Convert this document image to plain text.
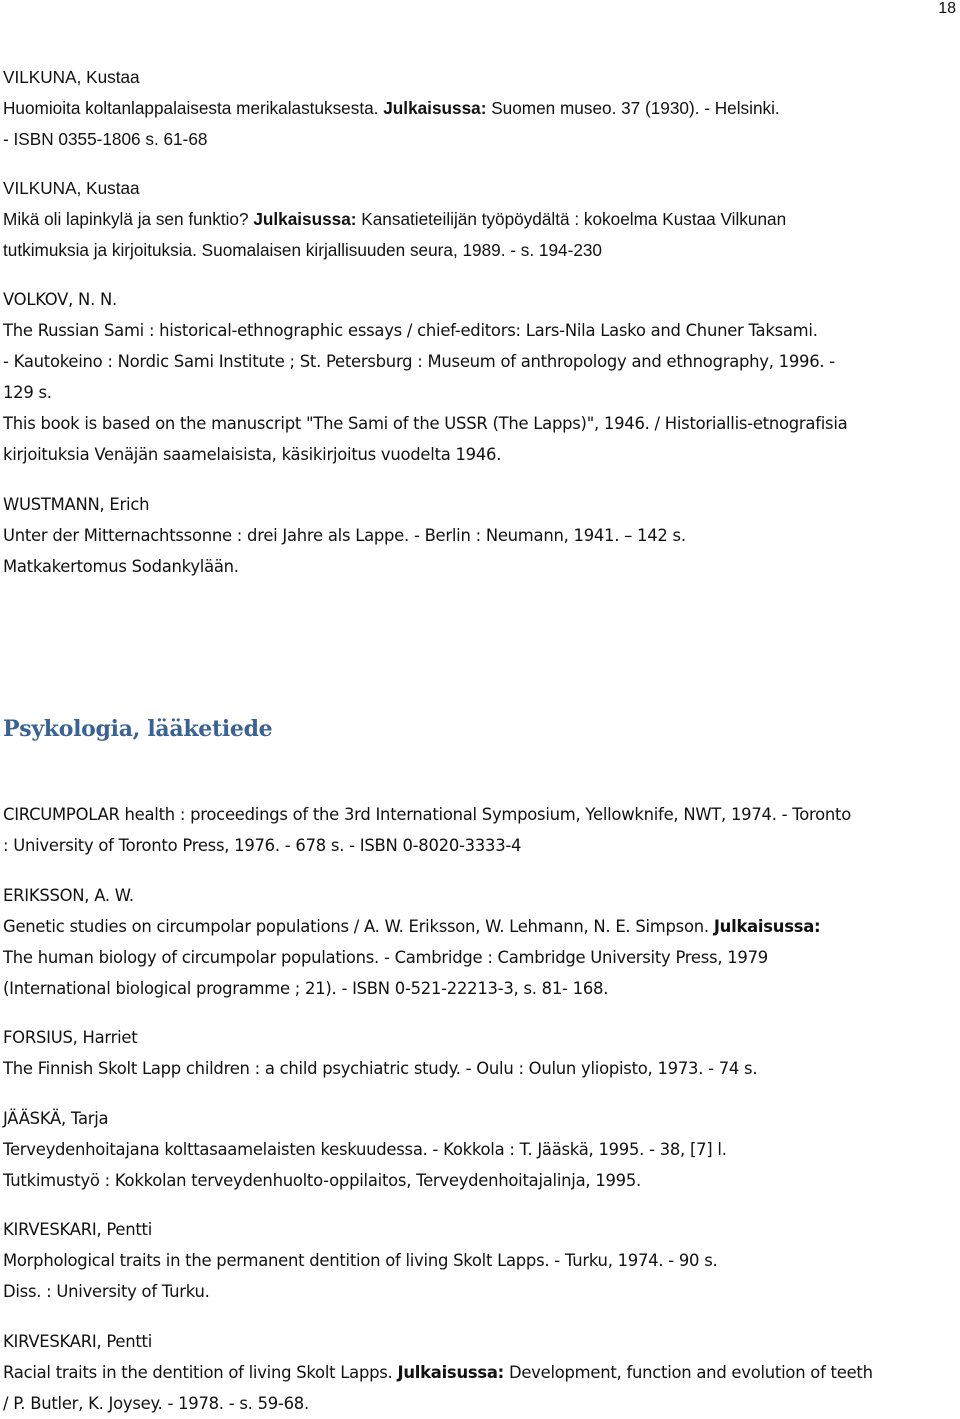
18
VILKUNA, Kustaa
Huomioita koltanlappalaisesta merikalastuksesta. Julkaisussa: Suomen museo. 37 (1930). - Helsinki.
- ISBN 0355-1806 s. 61-68
VILKUNA, Kustaa
Mikä oli lapinkylä ja sen funktio? Julkaisussa: Kansatieteilijän työpöydältä : kokoelma Kustaa Vilkunan
tutkimuksia ja kirjoituksia. Suomalaisen kirjallisuuden seura, 1989. - s. 194-230
VOLKOV, N. N.
The Russian Sami : historical-ethnographic essays / chief-editors: Lars-Nila Lasko and Chuner Taksami.
- Kautokeino : Nordic Sami Institute ; St. Petersburg : Museum of anthropology and ethnography, 1996. -
129 s.
This book is based on the manuscript "The Sami of the USSR (The Lapps)", 1946. / Historiallis-etnografisia
kirjoituksia Venäjän saamelaisista, käsikirjoitus vuodelta 1946.
WUSTMANN, Erich
Unter der Mitternachtssonne : drei Jahre als Lappe. - Berlin : Neumann, 1941. – 142 s.
Matkakertomus Sodankylään.
Psykologia, lääketiede
CIRCUMPOLAR health : proceedings of the 3rd International Symposium, Yellowknife, NWT, 1974. - Toronto
: University of Toronto Press, 1976. - 678 s. - ISBN 0-8020-3333-4
ERIKSSON, A. W.
Genetic studies on circumpolar populations / A. W. Eriksson, W. Lehmann, N. E. Simpson. Julkaisussa:
The human biology of circumpolar populations. - Cambridge : Cambridge University Press, 1979
(International biological programme ; 21). - ISBN 0-521-22213-3, s. 81- 168.
FORSIUS, Harriet
The Finnish Skolt Lapp children : a child psychiatric study. - Oulu : Oulun yliopisto, 1973. - 74 s.
JÄÄSKÄ, Tarja
Terveydenhoitajana kolttasaamelaisten keskuudessa. - Kokkola : T. Jääskä, 1995. - 38, [7] l.
Tutkimustyö : Kokkolan terveydenhuolto-oppilaitos, Terveydenhoitajalinja, 1995.
KIRVESKARI, Pentti
Morphological traits in the permanent dentition of living Skolt Lapps. - Turku, 1974. - 90 s.
Diss. : University of Turku.
KIRVESKARI, Pentti
Racial traits in the dentition of living Skolt Lapps. Julkaisussa: Development, function and evolution of teeth
/ P. Butler, K. Joysey. - 1978. - s. 59-68.
